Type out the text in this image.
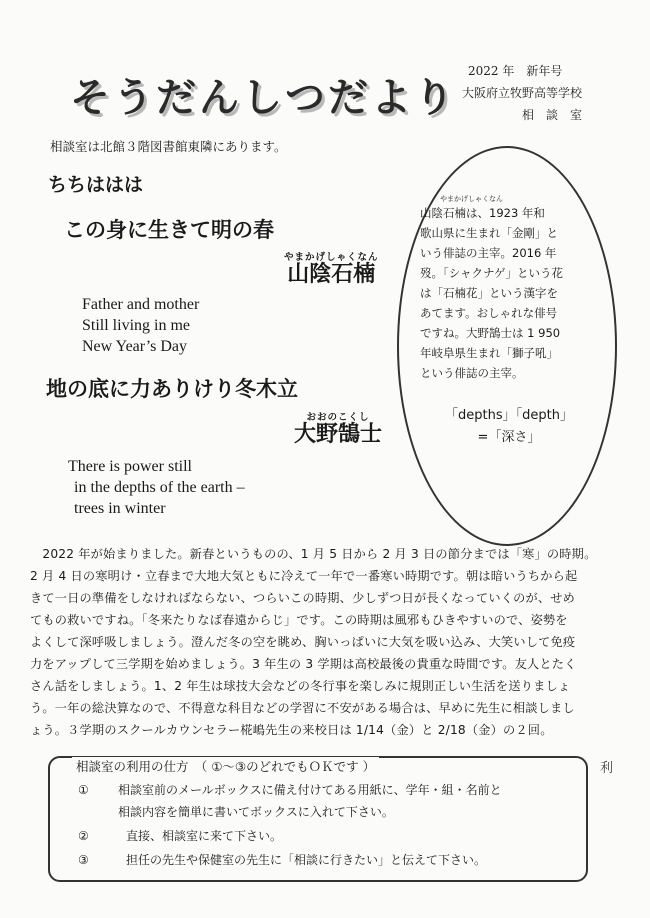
そうだんしつだより
2022 年　新年号
大阪府立牧野高等学校
相　談　室
相談室は北館３階図書館東隣にあります。
ちちははは
この身に生きて明の春
やまかげしゃくなん
山陰石楠
Father and mother
Still living in me
New Year’s Day
地の底に力ありけり冬木立
おおのこくし
大野鵠士
There is power still
in the depths of the earth –
trees in winter
やまかげしゃくなん
山陰石楠は、1923 年和
歌山県に生まれ「金剛」と
いう俳誌の主宰。2016 年
歿。「シャクナゲ」という花
は「石楠花」という漢字を
あてます。おしゃれな俳号
ですね。大野鵠士は 1 950
年岐阜県生まれ「獅子吼」
という俳誌の主宰。
「depths」「depth」
=「深さ」
　2022 年が始まりました。新春というものの、1 月 5 日から 2 月 3 日の節分までは「寒」の時期。
2 月 4 日の寒明け・立春まで大地大気ともに冷えて一年で一番寒い時期です。朝は暗いうちから起
きて一日の準備をしなければならない、つらいこの時期、少しずつ日が長くなっていくのが、せめ
てもの救いですね。「冬来たりなば春遠からじ」です。この時期は風邪もひきやすいので、姿勢を
よくして深呼吸しましょう。澄んだ冬の空を眺め、胸いっぱいに大気を吸い込み、大笑いして免疫
力をアップして三学期を始めましょう。3 年生の 3 学期は高校最後の貴重な時間です。友人とたく
さん話をしましょう。1、2 年生は球技大会などの冬行事を楽しみに規則正しい生活を送りましょ
う。一年の総決算なので、不得意な科目などの学習に不安がある場合は、早めに先生に相談しまし
ょう。３学期のスクールカウンセラー椛嶋先生の来校日は 1/14（金）と 2/18（金）の２回。
相談室の利用の仕方　（ ①〜③のどれでもＯＫです ）	利
① 相談室前のメールボックスに備え付けてある用紙に、学年・組・名前と
相談内容を簡単に書いてボックスに入れて下さい。
②	直接、相談室に来て下さい。
③	担任の先生や保健室の先生に「相談に行きたい」と伝えて下さい。
